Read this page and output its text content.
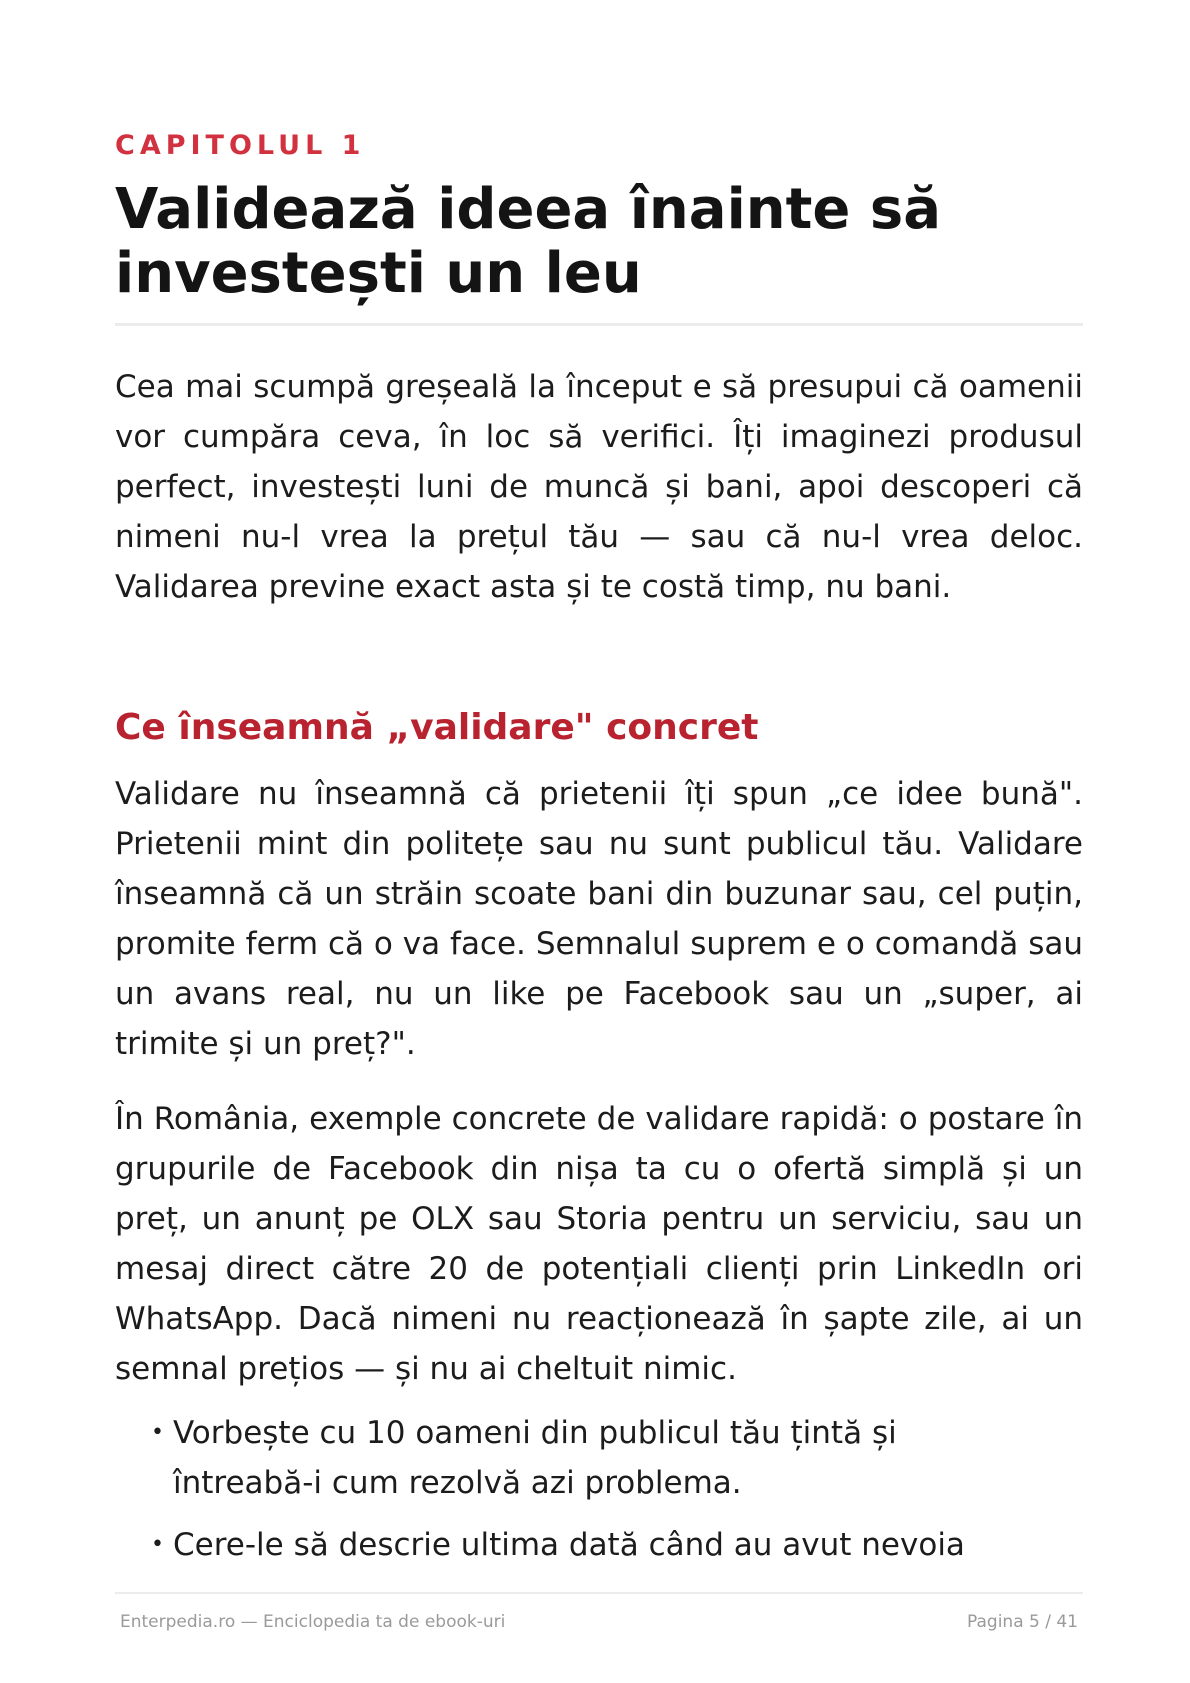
CAPITOLUL 1
Validează ideea înainte să investești un leu

Cea mai scumpă greșeală la început e să presupui că oamenii vor cumpăra ceva, în loc să verifici. Îți imaginezi produsul perfect, investești luni de muncă și bani, apoi descoperi că nimeni nu-l vrea la prețul tău — sau că nu-l vrea deloc. Validarea previne exact asta și te costă timp, nu bani.

Ce înseamnă „validare" concret

Validare nu înseamnă că prietenii îți spun „ce idee bună". Prietenii mint din politețe sau nu sunt publicul tău. Validare înseamnă că un străin scoate bani din buzunar sau, cel puțin, promite ferm că o va face. Semnalul suprem e o comandă sau un avans real, nu un like pe Facebook sau un „super, ai trimite și un preț?".

În România, exemple concrete de validare rapidă: o postare în grupurile de Facebook din nișa ta cu o ofertă simplă și un preț, un anunț pe OLX sau Storia pentru un serviciu, sau un mesaj direct către 20 de potențiali clienți prin LinkedIn ori WhatsApp. Dacă nimeni nu reacționează în șapte zile, ai un semnal prețios — și nu ai cheltuit nimic.

• Vorbește cu 10 oameni din publicul tău țintă și întreabă-i cum rezolvă azi problema.
• Cere-le să descrie ultima dată când au avut nevoia
Enterpedia.ro — Enciclopedia ta de ebook-uri	Pagina 5 / 41
